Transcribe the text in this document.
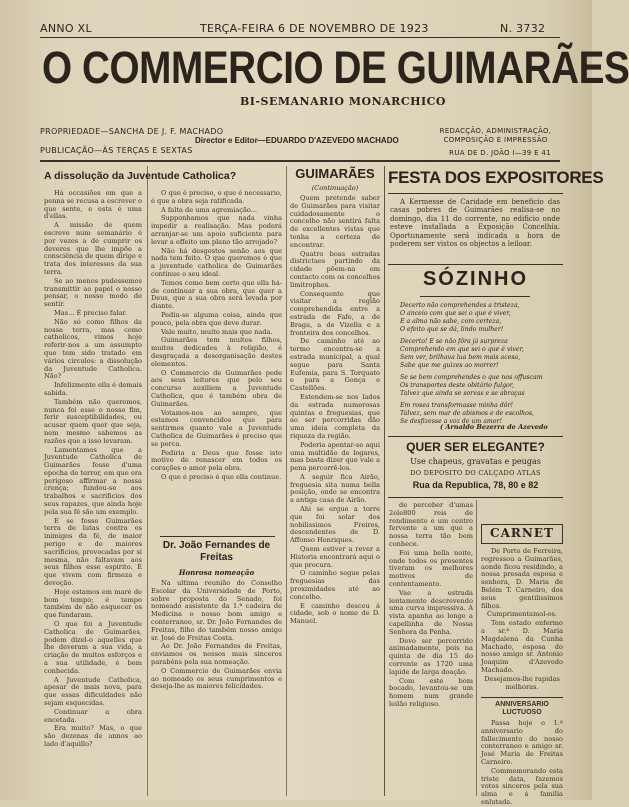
ANNO XL	TERÇA-FEIRA 6 DE NOVEMBRO DE 1923	N. 3732
O COMMERCIO DE GUIMARÃES
BI-SEMANARIO MONARCHICO
PROPRIEDADE—SANCHA DE J. F. MACHADO
PUBLICAÇÃO—ÀS TERÇAS E SEXTAS
Director e Editor—EDUARDO D'AZEVEDO MACHADO
REDACÇÃO, ADMINISTRAÇÃO, COMPOSIÇÃO E IMPRESSÃO
RUA DE D. JOÃO I—39 E 41
A dissolução da Juventude Catholica?

Há occasiões em que a penna se recusa a escrever o que sente, e esta é uma d'ellas.

A missão de quem escreve num semanário é por vezes a de cumprir os deveres que lhe impõe a consciência de quem dirige e trata dos interesses da sua terra.

Se ao menos pudessemos transmittir ao papel o nosso pensar, o nosso modo de sentir.

Mas... É preciso falar.

Não só como filhos da nossa terra, mas como catholicos, vimos hoje referir-nos a um assumpto que tem sido tratado em vários circulos: a dissolução da Juventude Catholica. Não?

Infelizmente ella é demais sabida.

Também não queremos, nunca foi esse o nosso fim, ferir susceptibilidades, ou acusar quem quer que seja, nem mesmo sabemos as razões que a isso levaram.

Lamentamos que a Juventude Catholica de Guimarães fosse d'uma epocha de terror, em que era perigoso affirmar a nossa crença; fundou-se aos trabalhos e sacrificios dos seus rapazes, que ainda hoje pela sua fé são um exemplo.

E se fosse Guimarães terra de lutas contra os inimigos da fé, de maior perigo e de maiores sacrificios, provocadas por si mesma, não faltavam aos seus filhos esse espirito. É que vivem com firmeza e devoção.

Hoje estamos em maré de bom tempo; é tempo também de não esquecer os que fundaram.

O que foi a Juventude Catholica de Guimarães, podem dizel-o aquelles que lhe deveram a sua vida, a criação de muitos esforços e a sua utilidade, é bem conhecida.

A Juventude Catholica, apesar de mais nova, para que essas dificuldades não sejam esquecidas.

Continuar a obra encetada.

Era muito? Mas, o que são dezenas de annos ao lado d'aquillo?

O que é preciso, o que é necessario, é que a obra seja ratificada.

A falta de uma agremiação...

Supponhamos que nada vinha impedir a realisação. Mas poderá arranjar-se um apoio suficiente para levar a effeito um plano tão arrojado?

Não há desgostos senão aos que nada tem feito. O que queremos é que a juventude catholica de Guimarães continue o seu ideal.

Temos como bem certo que ella há-de continuar a sua obra, que quer a Deus, que a sua obra será levada por diante.

Pediu-se alguma coisa, ainda que pouco, pela obra que deve durar.

Vale muito, muito mais que nada.

Guimarães tem muitos filhos, muitos dedicados à religião, é desgraçada a desorganisação destes elementos.

O Commercio de Guimarães pede aos seus leitores que pelo seu concurso auxiliem a Juventude Catholica, que é também obra de Guimarães.

Votamos-nos ao sempre, que estamos convencidos que para sentirmos quanto vale a Juventude Catholica de Guimarães é preciso que se perca.

Pediria a Deus que fosse isto motivo de renascer em todos os corações o amor pela obra.

O que é preciso é que ella continue.

Dr. João Fernandes de Freitas
Honrosa nomeação

Na ultima reunião do Conselho Escolar da Universidade de Porto, sobre proposta do Senado, foi nomeado assistente da 1.ª cadeira de Medicina o nosso bom amigo e conterraneo, sr. Dr. João Fernandes de Freitas, filho do também nosso amigo sr. José de Freitas Costa.

Ao Dr. João Fernandes de Freitas, enviamos os nossos mais sinceros parabéns pela sua nomeação.

O Commercio de Guimarães envia ao nomeado os seus cumprimentos e deseja-lhe as maiores felicidades.

GUIMARÃES
(Continuação)

Quem pretende saber de Guimarães para visitar cuidadosamente o concelho não sentirá falta de excellentes vistas que tenha a certeza de encontrar.

Quatro boas estradas districtaes partindo da cidade põem-na em contacto com os concelhos limitrophes.

Consequente que visitar a região comprehendida entre a estrada de Fafe, a de Braga, a de Vizella e a fronteira dos concelhos.

De caminho até ao termo encontra-se a estrada municipal, a qual segue para Santa Eufemia, para S. Torquato e para a Gonça e Castellões.

Estendem-se nos lados da estrada numerosas quintas e freguesias, que ao ser percorridas dão uma ideia completa da riqueza da região.

Poderia apontar-se aqui uma multidão de logares, mas basta dizer que vale a pena percorrê-los.

A seguir fica Airão, freguesia sita numa bella posição, onde se encontra a antiga casa de Airão.

Ahi se ergue a torre que foi solar dos nobilissimos Freires, descendentes de D. Affonso Henriques.

Quem estiver a rever a Historia encontrará aqui o que procura.

O caminho segue pelas freguesias das proximidades até ao concelho.

E caminho desceu á cidade, sob o nome de D. Manuel.

FESTA DOS EXPOSITORES

A Kermesse de Caridade em beneficio das casas pobres de Guimarães realisa-se no domingo, dia 11 do corrente, no edificio onde esteve installada a Exposição Concelhia. Oportunamente será indicada a hora de poderem ser vistos os objectos a leiloar.

SÓZINHO
Decerto não comprehendes a tristeza,
O anceio com que sei o que é viver,
E a alma não sabe, com certeza,
O efeito que se dá, lindo mulher!
Decerto! E se não fôra já surpreza
Comprehendo em que sei o que é viver,
Sem ver, brilhava lua bem mais acesa,
Sabe que me guizes ao morrer!
Se se bem comprehendes o que nos offuscam
Os transportes deste obitário fulgor,
Talvez que ainda se sorvas e se abraças
Em rosea transformasse minha dôr!
Talvez, sem mar de abismos e de escolhos,
Se desfizesse a voz de um amor!
( Arnaldo Bezerra de Azevedo
QUER SER ELEGANTE?
Use chapeus, gravatas e peugas
DO DEPOSITO DO CALÇADO ATLAS
Rua da Republica, 78, 80 e 82

de perceber d'umas 2ele800 reis de rendimento e um centro fervente a um que a nossa terra tão bem conhece.

Foi uma bella noite, onde todos os presentes tiveram os melhores motivos de contentamento.

Vae a estrada lentamente descrevendo uma curva impressiva. A vista apanha ao longe a capellinha de Nossa Senhora da Penha.

Devo ser percorrido animadamente, pois na quinta de dia 15 do corrente as 1720 uma lapide de larga doação.

Com este bom bocado, levantou-se um homem num grande leilão religioso.

CARNET

De Porto de Ferreira, regressou a Guimarães, aonde ficou residindo, a nossa presada esposa e senhora, D. Maria de Belém T. Carneiro, dos seus gentilissimos filhos.

Cumprimentamol-os.

Tem estado enfermo a sr.ª D. Maria Magdalena da Cunha Machado, esposa do nosso amigo sr. Antonio Joaquim d'Azevedo Machado.

Desejamos-lhe rapidas melhoras.

ANNIVERSARIO LUCTUOSO

Passa hoje o 1.º anniversario do fallecimento do nosso conterraneo e amigo sr. José Maria de Freitas Carneiro.

Commemorando esta triste data, fazemos votos sinceros pela sua alma e á familia enlutada.
